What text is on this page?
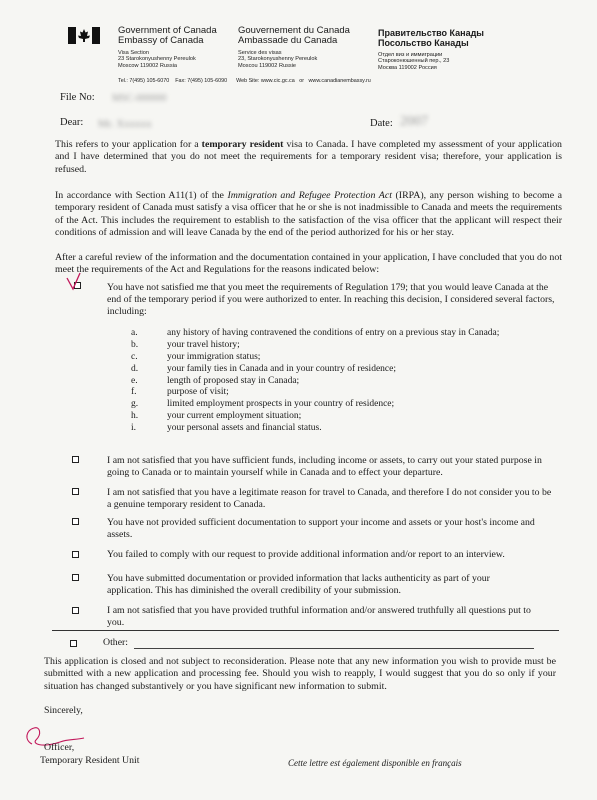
Government of Canada
Embassy of Canada
Gouvernement du Canada
Ambassade du Canada
Правительство Канады
Посольство Канады
Visa Section
23 Starokonyushenny Pereulok
Moscow 119002 Russia
Service des visas
23, Starokonyushenny Pereulok
Moscou 119002 Russie
Отдел виз и иммиграции
Староконюшенный пер., 23
Москва 119002 Россия
Tel.: 7(495) 105-6070 Fax: 7(495) 105-6090 Web Site: www.cic.gc.ca or www.canadianembassy.ru
File No: MSC-000000
Dear: Mr. Xxxxxx	Date: 2007
This refers to your application for a temporary resident visa to Canada. I have completed my assessment of your application and I have determined that you do not meet the requirements for a temporary resident visa; therefore, your application is refused.
In accordance with Section A11(1) of the Immigration and Refugee Protection Act (IRPA), any person wishing to become a temporary resident of Canada must satisfy a visa officer that he or she is not inadmissible to Canada and meets the requirements of the Act. This includes the requirement to establish to the satisfaction of the visa officer that the applicant will respect their conditions of admission and will leave Canada by the end of the period authorized for his or her stay.
After a careful review of the information and the documentation contained in your application, I have concluded that you do not meet the requirements of the Act and Regulations for the reasons indicated below:
You have not satisfied me that you meet the requirements of Regulation 179; that you would leave Canada at the end of the temporary period if you were authorized to enter. In reaching this decision, I considered several factors, including:
a.	any history of having contravened the conditions of entry on a previous stay in Canada;
b.	your travel history;
c.	your immigration status;
d.	your family ties in Canada and in your country of residence;
e.	length of proposed stay in Canada;
f.	purpose of visit;
g.	limited employment prospects in your country of residence;
h.	your current employment situation;
i.	your personal assets and financial status.
I am not satisfied that you have sufficient funds, including income or assets, to carry out your stated purpose in going to Canada or to maintain yourself while in Canada and to effect your departure.
I am not satisfied that you have a legitimate reason for travel to Canada, and therefore I do not consider you to be a genuine temporary resident to Canada.
You have not provided sufficient documentation to support your income and assets or your host's income and assets.
You failed to comply with our request to provide additional information and/or report to an interview.
You have submitted documentation or provided information that lacks authenticity as part of your application. This has diminished the overall credibility of your submission.
I am not satisfied that you have provided truthful information and/or answered truthfully all questions put to you.
Other:
This application is closed and not subject to reconsideration. Please note that any new information you wish to provide must be submitted with a new application and processing fee. Should you wish to reapply, I would suggest that you do so only if your situation has changed substantively or you have significant new information to submit.
Sincerely,
Officer,
Temporary Resident Unit	Cette lettre est également disponible en français
